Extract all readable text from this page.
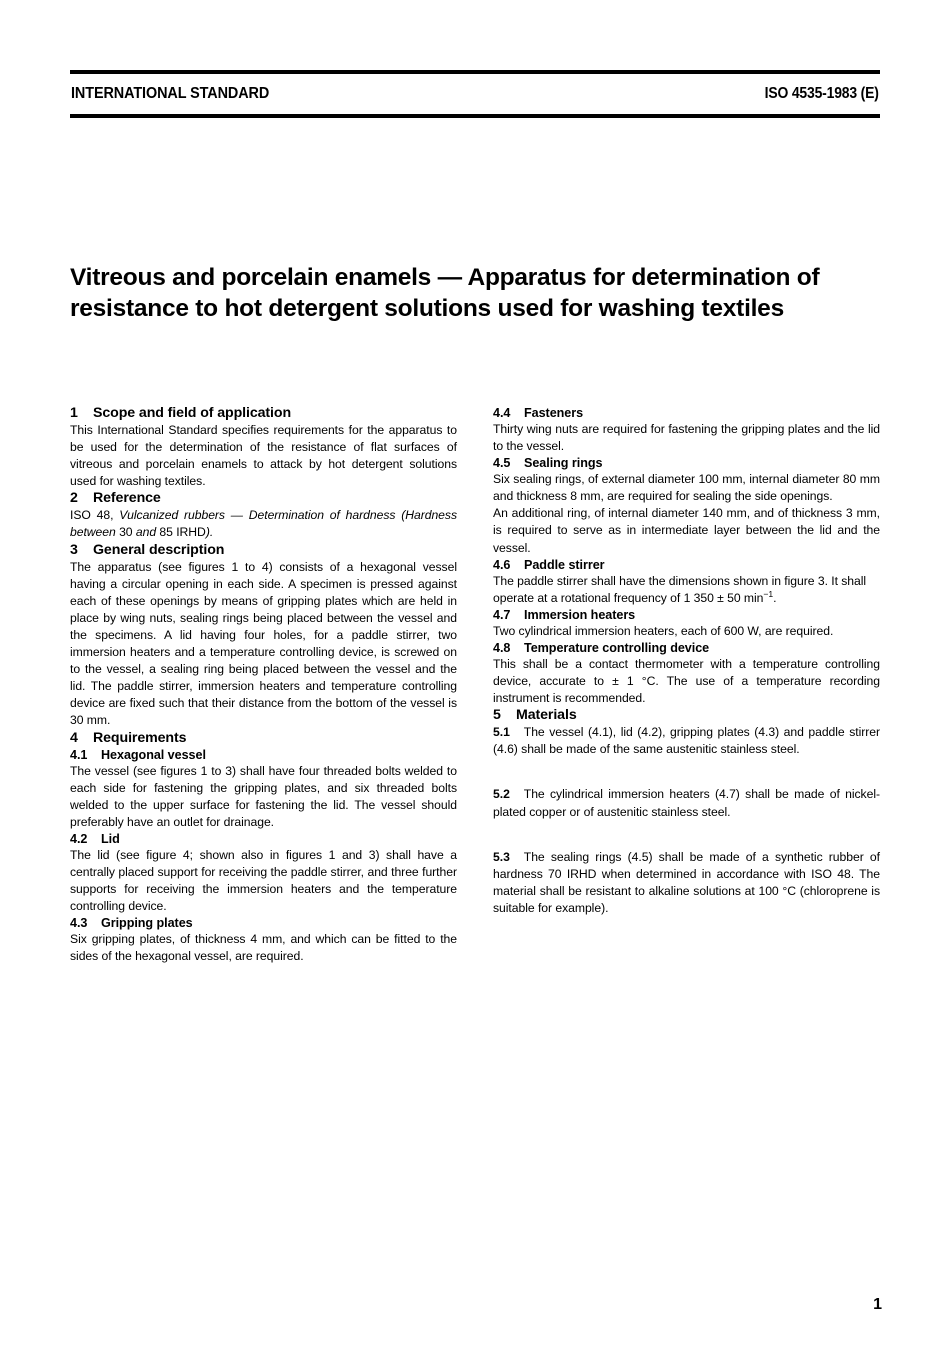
INTERNATIONAL STANDARD	ISO 4535-1983 (E)
Vitreous and porcelain enamels — Apparatus for determination of resistance to hot detergent solutions used for washing textiles
1 Scope and field of application

This International Standard specifies requirements for the apparatus to be used for the determination of the resistance of flat surfaces of vitreous and porcelain enamels to attack by hot detergent solutions used for washing textiles.

2 Reference

ISO 48, Vulcanized rubbers — Determination of hardness (Hardness between 30 and 85 IRHD).

3 General description

The apparatus (see figures 1 to 4) consists of a hexagonal vessel having a circular opening in each side. A specimen is pressed against each of these openings by means of gripping plates which are held in place by wing nuts, sealing rings being placed between the vessel and the specimens. A lid having four holes, for a paddle stirrer, two immersion heaters and a temperature controlling device, is screwed on to the vessel, a sealing ring being placed between the vessel and the lid. The paddle stirrer, immersion heaters and temperature controlling device are fixed such that their distance from the bottom of the vessel is 30 mm.

4 Requirements
4.1 Hexagonal vessel

The vessel (see figures 1 to 3) shall have four threaded bolts welded to each side for fastening the gripping plates, and six threaded bolts welded to the upper surface for fastening the lid. The vessel should preferably have an outlet for drainage.

4.2 Lid

The lid (see figure 4; shown also in figures 1 and 3) shall have a centrally placed support for receiving the paddle stirrer, and three further supports for receiving the immersion heaters and the temperature controlling device.

4.3 Gripping plates

Six gripping plates, of thickness 4 mm, and which can be fitted to the sides of the hexagonal vessel, are required.

4.4 Fasteners

Thirty wing nuts are required for fastening the gripping plates and the lid to the vessel.

4.5 Sealing rings

Six sealing rings, of external diameter 100 mm, internal diameter 80 mm and thickness 8 mm, are required for sealing the side openings.

An additional ring, of internal diameter 140 mm, and of thickness 3 mm, is required to serve as in intermediate layer between the lid and the vessel.

4.6 Paddle stirrer

The paddle stirrer shall have the dimensions shown in figure 3. It shall operate at a rotational frequency of 1 350 ± 50 $\min^{-1}$.

4.7 Immersion heaters

Two cylindrical immersion heaters, each of 600 W, are required.

4.8 Temperature controlling device

This shall be a contact thermometer with a temperature controlling device, accurate to ± 1 °C. The use of a temperature recording instrument is recommended.

5 Materials

5.1 The vessel (4.1), lid (4.2), gripping plates (4.3) and paddle stirrer (4.6) shall be made of the same austenitic stainless steel.

5.2 The cylindrical immersion heaters (4.7) shall be made of nickel-plated copper or of austenitic stainless steel.

5.3 The sealing rings (4.5) shall be made of a synthetic rubber of hardness 70 IRHD when determined in accordance with ISO 48. The material shall be resistant to alkaline solutions at 100 °C (chloroprene is suitable for example).

1
